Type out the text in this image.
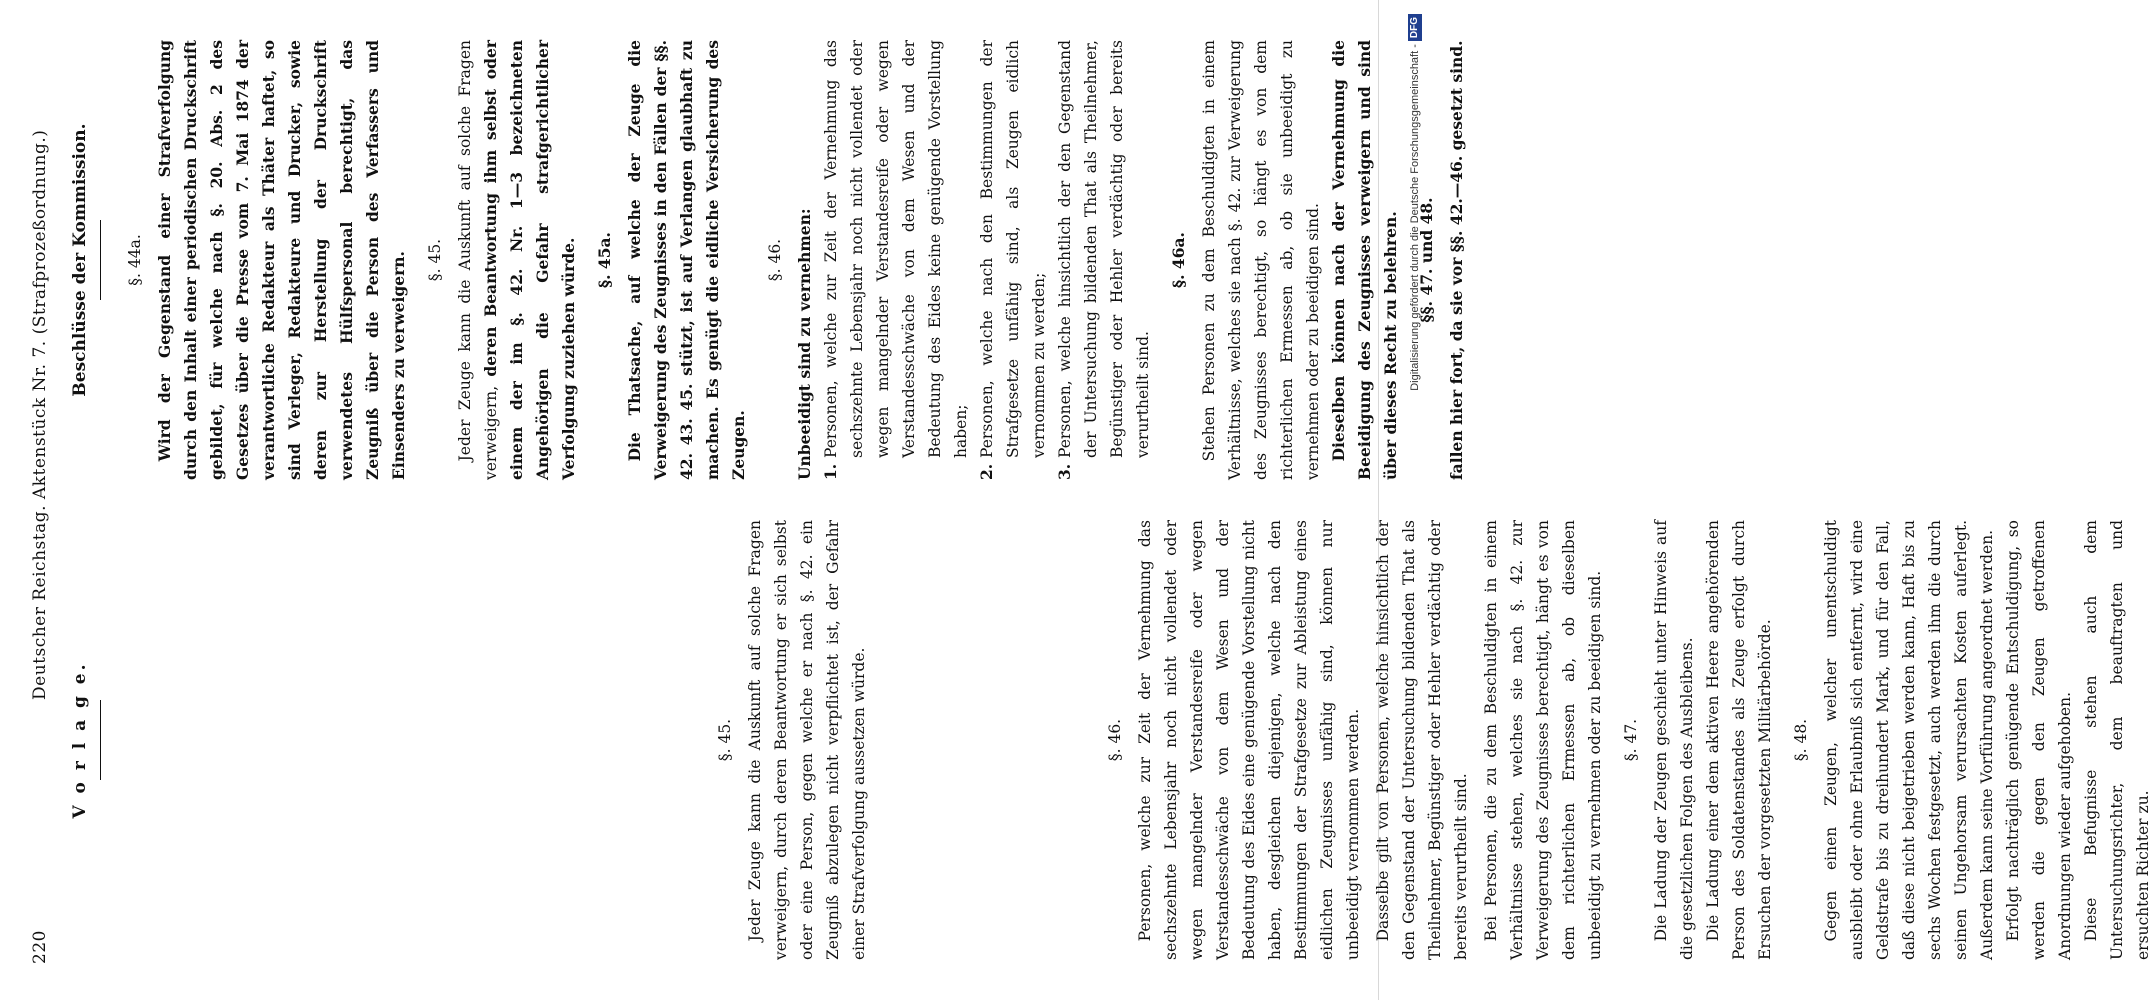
220
Deutscher Reichstag. Aktenstück Nr. 7. (Strafprozeßordnung.)
V o r l a g e.
Beschlüsse der Kommission.

§. 45. Jeder Zeuge kann die Auskunft auf solche Fragen verweigern, durch deren Beantwortung er sich selbst oder eine Person, gegen welche er nach §. 42. ein Zeugniß abzulegen nicht verpflichtet ist, der Gefahr einer Strafverfolgung aussetzen würde.	§. 46. Personen, welche zur Zeit der Vernehmung das sechszehnte Lebensjahr noch nicht vollendet oder wegen mangelnder Verstandesreife oder wegen Verstandesschwäche von dem Wesen und der Bedeutung des Eides eine genügende Vorstellung nicht haben, desgleichen diejenigen, welche nach den Bestimmungen der Strafgesetze zur Ableistung eines eidlichen Zeugnisses unfähig sind, können nur unbeeidigt vernommen werden. Dasselbe gilt von Personen, welche hinsichtlich der den Gegenstand der Untersuchung bildenden That als Theilnehmer, Begünstiger oder Hehler verdächtig oder bereits verurtheilt sind. Bei Personen, die zu dem Beschuldigten in einem Verhältnisse stehen, welches sie nach §. 42. zur Verweigerung des Zeugnisses berechtigt, hängt es von dem richterlichen Ermessen ab, ob dieselben unbeeidigt zu vernehmen oder zu beeidigen sind. §. 47. Die Ladung der Zeugen geschieht unter Hinweis auf die gesetzlichen Folgen des Ausbleibens. Die Ladung einer dem aktiven Heere angehörenden Person des Soldatenstandes als Zeuge erfolgt durch Ersuchen der vorgesetzten Militärbehörde. §. 48. Gegen einen Zeugen, welcher unentschuldigt ausbleibt oder ohne Erlaubniß sich entfernt, wird eine Geldstrafe bis zu dreihundert Mark, und für den Fall, daß diese nicht beigetrieben werden kann, Haft bis zu sechs Wochen festgesetzt, auch werden ihm die durch seinen Ungehorsam verursachten Kosten auferlegt. Außerdem kann seine Vorführung angeordnet werden. Erfolgt nachträglich genügende Entschuldigung, so werden die gegen den Zeugen getroffenen Anordnungen wieder aufgehoben. Diese Befugnisse stehen auch dem Untersuchungsrichter, dem beauftragten und ersuchten Richter zu.

§. 44a. Wird der Gegenstand einer Strafverfolgung durch den Inhalt einer periodischen Druckschrift gebildet, für welche nach §. 20. Abs. 2 des Gesetzes über die Presse vom 7. Mai 1874 der verantwortliche Redakteur als Thäter haftet, so sind Verleger, Redakteure und Drucker, sowie deren zur Herstellung der Druckschrift verwendetes Hülfspersonal berechtigt, das Zeugniß über die Person des Verfassers und Einsenders zu verweigern. §. 45. Jeder Zeuge kann die Auskunft auf solche Fragen verweigern, deren Beantwortung ihm selbst oder einem der im §. 42. Nr. 1—3 bezeichneten Angehörigen die Gefahr strafgerichtlicher Verfolgung zuziehen würde. §. 45a. Die Thatsache, auf welche der Zeuge die Verweigerung des Zeugnisses in den Fällen der §§. 42. 43. 45. stützt, ist auf Verlangen glaubhaft zu machen. Es genügt die eidliche Versicherung des Zeugen.

§. 46. Unbeeidigt sind zu vernehmen: 1.
Personen, welche zur Zeit der Vernehmung das sechszehnte Lebensjahr noch nicht vollendet oder wegen mangelnder Verstandesreife oder wegen Verstandesschwäche von dem Wesen und der Bedeutung des Eides keine genügende Vorstellung haben;
2.
Personen, welche nach den Bestimmungen der Strafgesetze unfähig sind, als Zeugen eidlich vernommen zu werden;
3.
Personen, welche hinsichtlich der den Gegenstand der Untersuchung bildenden That als Theilnehmer, Begünstiger oder Hehler verdächtig oder bereits verurtheilt sind.

§. 46a. Stehen Personen zu dem Beschuldigten in einem Verhältnisse, welches sie nach §. 42. zur Verweigerung des Zeugnisses berechtigt, so hängt es von dem richterlichen Ermessen ab, ob sie unbeeidigt zu vernehmen oder zu beeidigen sind. Dieselben können nach der Vernehmung die Beeidigung des Zeugnisses verweigern und sind über dieses Recht zu belehren. §§. 47. und 48. fallen hier fort, da sie vor §§. 42.—46. gesetzt sind.

Digitalisierung gefördert durch die Deutsche Forschungsgemeinschaft -DFG
